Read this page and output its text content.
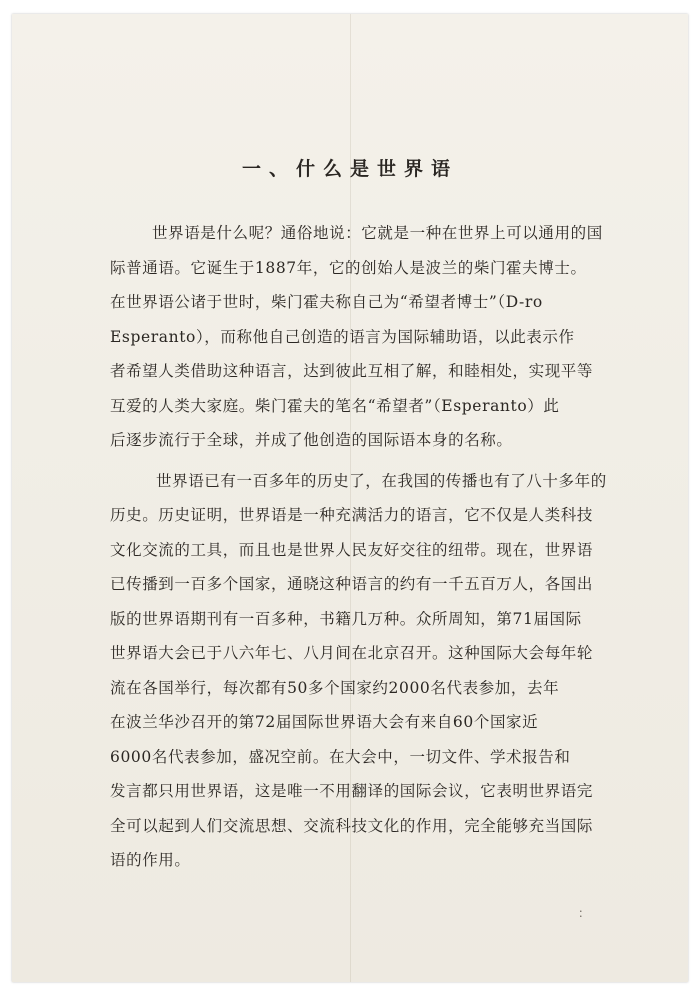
一、什么是世界语
世界语是什么呢？通俗地说：它就是一种在世界上可以通用的国
际普通语。它诞生于1887年，它的创始人是波兰的柴门霍夫博士。
在世界语公诸于世时，柴门霍夫称自己为“希望者博士”（D-ro
Esperanto），而称他自己创造的语言为国际辅助语，以此表示作
者希望人类借助这种语言，达到彼此互相了解，和睦相处，实现平等
互爱的人类大家庭。柴门霍夫的笔名“希望者”（Esperanto）此
后逐步流行于全球，并成了他创造的国际语本身的名称。
世界语已有一百多年的历史了，在我国的传播也有了八十多年的
历史。历史证明，世界语是一种充满活力的语言，它不仅是人类科技
文化交流的工具，而且也是世界人民友好交往的纽带。现在，世界语
已传播到一百多个国家，通晓这种语言的约有一千五百万人，各国出
版的世界语期刊有一百多种，书籍几万种。众所周知，第71届国际
世界语大会已于八六年七、八月间在北京召开。这种国际大会每年轮
流在各国举行，每次都有50多个国家约2000名代表参加，去年
在波兰华沙召开的第72届国际世界语大会有来自60个国家近
6000名代表参加，盛况空前。在大会中，一切文件、学术报告和
发言都只用世界语，这是唯一不用翻译的国际会议，它表明世界语完
全可以起到人们交流思想、交流科技文化的作用，完全能够充当国际
语的作用。
：
